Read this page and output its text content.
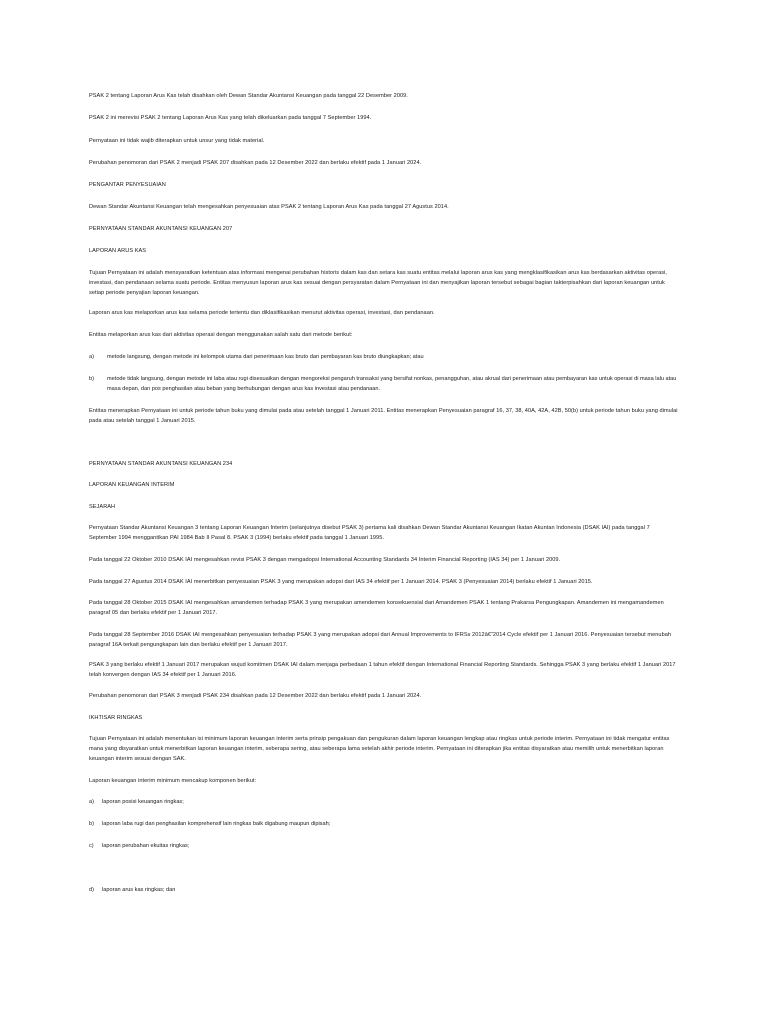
PSAK 2 tentang Laporan Arus Kas telah disahkan oleh Dewan Standar Akuntansi Keuangan pada tanggal 22 Desember 2009.

PSAK 2 ini merevisi PSAK 2 tentang Laporan Arus Kas yang telah dikeluarkan pada tanggal 7 September 1994.

Pernyataan ini tidak wajib diterapkan untuk unsur yang tidak material.

Perubahan penomoran dari PSAK 2 menjadi PSAK 207 disahkan pada 12 Desember 2022 dan berlaku efektif pada 1 Januari 2024.

PENGANTAR PENYESUAIAN

Dewan Standar Akuntansi Keuangan telah mengesahkan penyesuaian atas PSAK 2 tentang Laporan Arus Kas pada tanggal 27 Agustus 2014.

PERNYATAAN STANDAR AKUNTANSI KEUANGAN 207

LAPORAN ARUS KAS

Tujuan Pernyataan ini adalah mensyaratkan ketentuan atas informasi mengenai perubahan historis dalam kas dan setara kas suatu entitas melalui laporan arus kas yang mengklasifikasikan arus kas berdasarkan aktivitas operasi, investasi, dan pendanaan selama suatu periode. Entitas menyusun laporan arus kas sesuai dengan persyaratan dalam Pernyataan ini dan menyajikan laporan tersebut sebagai bagian takterpisahkan dari laporan keuangan untuk setiap periode penyajian laporan keuangan.

Laporan arus kas melaporkan arus kas selama periode tertentu dan diklasifikasikan menurut aktivitas operasi, investasi, dan pendanaan.

Entitas melaporkan arus kas dari aktivitas operasi dengan menggunakan salah satu dari metode berikut:

a)	metode langsung, dengan metode ini kelompok utama dari penerimaan kas bruto dan pembayaran kas bruto diungkapkan; atau
b)	metode tidak langsung, dengan metode ini laba atau rugi disesuaikan dengan mengoreksi pengaruh transaksi yang bersifat nonkas, penangguhan, atau akrual dari penerimaan atau pembayaran kas untuk operasi di masa lalu atau masa depan, dan pos penghasilan atau beban yang berhubungan dengan arus kas investasi atau pendanaan.

Entitas menerapkan Pernyataan ini untuk periode tahun buku yang dimulai pada atau setelah tanggal 1 Januari 2011. Entitas menerapkan Penyesuaian paragraf 16, 37, 38, 40A, 42A, 42B, 50(b) untuk periode tahun buku yang dimulai pada atau setelah tanggal 1 Januari 2015.

PERNYATAAN STANDAR AKUNTANSI KEUANGAN 234

LAPORAN KEUANGAN INTERIM

SEJARAH

Pernyataan Standar Akuntansi Keuangan 3 tentang Laporan Keuangan Interim (selanjutnya disebut PSAK 3) pertama kali disahkan Dewan Standar Akuntansi Keuangan Ikatan Akuntan Indonesia (DSAK IAI) pada tanggal 7 September 1994 menggantikan PAI 1984 Bab II Pasal 8. PSAK 3 (1994) berlaku efektif pada tanggal 1 Januari 1995.

Pada tanggal 22 Oktober 2010 DSAK IAI mengesahkan revisi PSAK 3 dengan mengadopsi International Accounting Standards 34 Interim Financial Reporting (IAS 34) per 1 Januari 2009.

Pada tanggal 27 Agustus 2014 DSAK IAI menerbitkan penyesuaian PSAK 3 yang merupakan adopsi dari IAS 34 efektif per 1 Januari 2014. PSAK 3 (Penyesuaian 2014) berlaku efektif 1 Januari 2015.

Pada tanggal 28 Oktober 2015 DSAK IAI mengesahkan amandemen terhadap PSAK 3 yang merupakan amendemen konsekuensial dari Amandemen PSAK 1 tentang Prakarsa Pengungkapan. Amandemen ini mengamandemen paragraf 05 dan berlaku efektif per 1 Januari 2017.

Pada tanggal 28 September 2016 DSAK IAI mengesahkan penyesuaian terhadap PSAK 3 yang merupakan adopsi dari Annual Improvements to IFRSs 2012â€“2014 Cycle efektif per 1 Januari 2016. Penyesuaian tersebut menubah paragraf 16A terkait pengungkapan lain dan berlaku efektif per 1 Januari 2017.

PSAK 3 yang berlaku efektif 1 Januari 2017 merupakan wujud komitmen DSAK IAI dalam menjaga perbedaan 1 tahun efektif dengan International Financial Reporting Standards. Sehingga PSAK 3 yang berlaku efektif 1 Januari 2017 telah konvergen dengan IAS 34 efektif per 1 Januari 2016.

Perubahan penomoran dari PSAK 3 menjadi PSAK 234 disahkan pada 12 Desember 2022 dan berlaku efektif pada 1 Januari 2024.

IKHTISAR RINGKAS

Tujuan Pernyataan ini adalah menentukan isi minimum laporan keuangan interim serta prinsip pengakuan dan pengukuran dalam laporan keuangan lengkap atau ringkas untuk periode interim. Pernyataan ini tidak mengatur entitas mana yang disyaratkan untuk menerbitkan laporan keuangan interim, seberapa sering, atau seberapa lama setelah akhir periode interim. Pernyataan ini diterapkan jika entitas disyaratkan atau memilih untuk menerbitkan laporan keuangan interim sesuai dengan SAK.

Laporan keuangan interim minimum mencakup komponen berikut:

a)	laporan posisi keuangan ringkas;
b)	laporan laba rugi dan penghasilan komprehensif lain ringkas baik digabung maupun dipisah;
c)	laporan perubahan ekuitas ringkas;
d)	laporan arus kas ringkas; dan
